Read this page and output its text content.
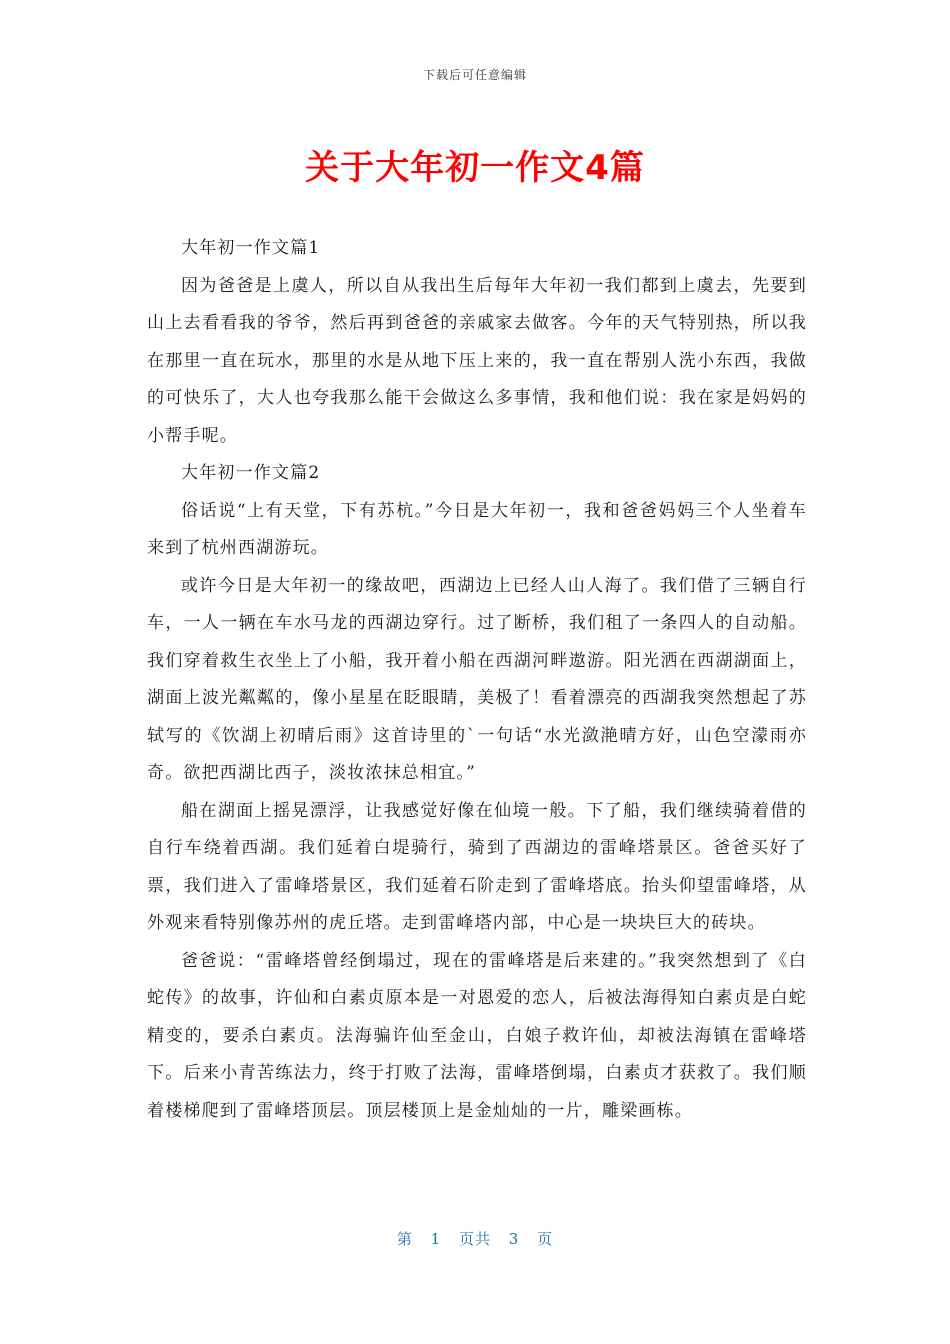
下载后可任意编辑
关于大年初一作文4篇

大年初一作文篇1

因为爸爸是上虞人，所以自从我出生后每年大年初一我们都到上虞去，先要到山上去看看我的爷爷，然后再到爸爸的亲戚家去做客。今年的天气特别热，所以我在那里一直在玩水，那里的水是从地下压上来的，我一直在帮别人洗小东西，我做的可快乐了，大人也夸我那么能干会做这么多事情，我和他们说：我在家是妈妈的小帮手呢。

大年初一作文篇2

俗话说“上有天堂，下有苏杭。”今日是大年初一，我和爸爸妈妈三个人坐着车来到了杭州西湖游玩。

或许今日是大年初一的缘故吧，西湖边上已经人山人海了。我们借了三辆自行车，一人一辆在车水马龙的西湖边穿行。过了断桥，我们租了一条四人的自动船。我们穿着救生衣坐上了小船，我开着小船在西湖河畔遨游。阳光洒在西湖湖面上，湖面上波光粼粼的，像小星星在眨眼睛，美极了！看着漂亮的西湖我突然想起了苏轼写的《饮湖上初晴后雨》这首诗里的`一句话“水光潋滟晴方好，山色空濛雨亦奇。欲把西湖比西子，淡妆浓抹总相宜。”

船在湖面上摇晃漂浮，让我感觉好像在仙境一般。下了船，我们继续骑着借的自行车绕着西湖。我们延着白堤骑行，骑到了西湖边的雷峰塔景区。爸爸买好了票，我们进入了雷峰塔景区，我们延着石阶走到了雷峰塔底。抬头仰望雷峰塔，从外观来看特别像苏州的虎丘塔。走到雷峰塔内部，中心是一块块巨大的砖块。

爸爸说：“雷峰塔曾经倒塌过，现在的雷峰塔是后来建的。”我突然想到了《白蛇传》的故事，许仙和白素贞原本是一对恩爱的恋人，后被法海得知白素贞是白蛇精变的，要杀白素贞。法海骗许仙至金山，白娘子救许仙，却被法海镇在雷峰塔下。后来小青苦练法力，终于打败了法海，雷峰塔倒塌，白素贞才获救了。我们顺着楼梯爬到了雷峰塔顶层。顶层楼顶上是金灿灿的一片，雕梁画栋。

第 1 页共 3 页
